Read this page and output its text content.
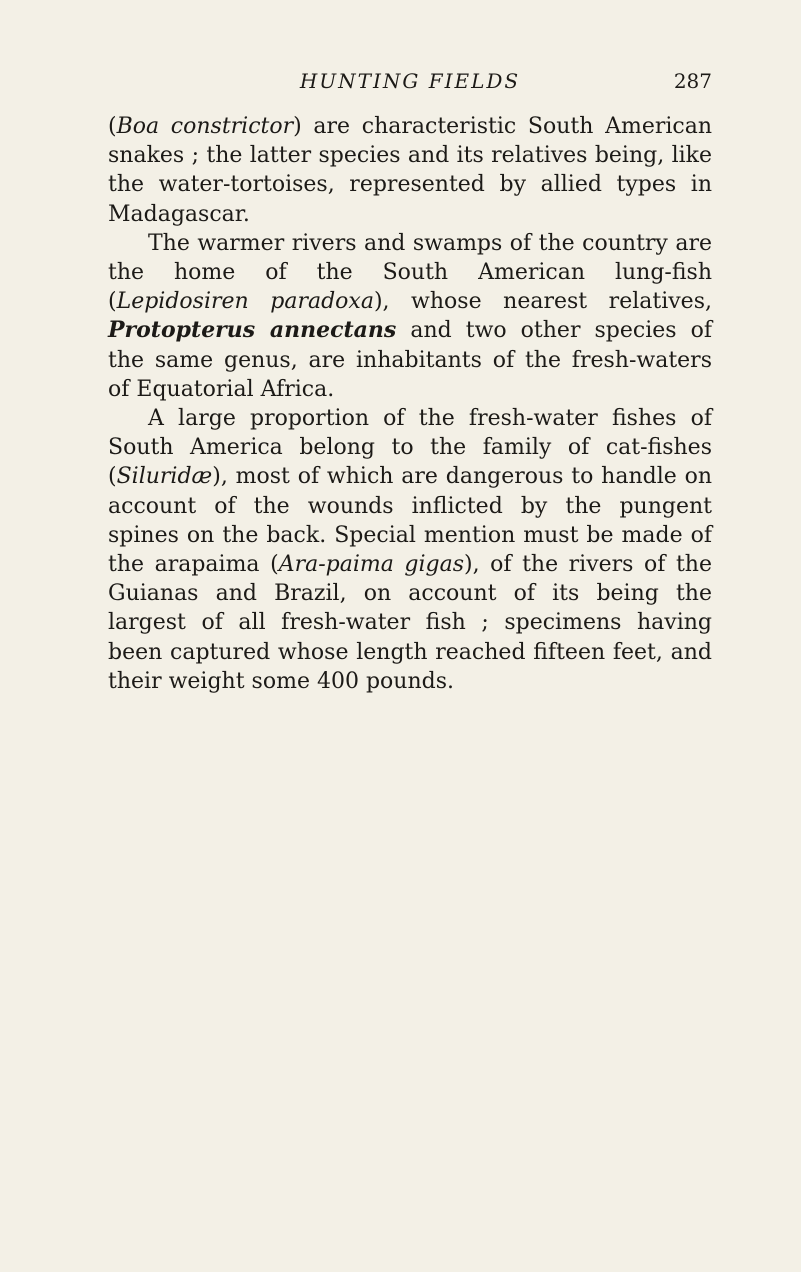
HUNTING FIELDS	287

(Boa constrictor) are characteristic South American snakes ; the latter species and its relatives being, like the water-tortoises, represented by allied types in Madagascar.

The warmer rivers and swamps of the country are the home of the South American lung-fish (Lepidosiren paradoxa), whose nearest relatives, Protopterus annectans and two other species of the same genus, are inhabitants of the fresh-waters of Equatorial Africa.

A large proportion of the fresh-water fishes of South America belong to the family of cat-fishes (Siluridæ), most of which are dangerous to handle on account of the wounds inflicted by the pungent spines on the back. Special mention must be made of the arapaima (Ara-paima gigas), of the rivers of the Guianas and Brazil, on account of its being the largest of all fresh-water fish ; specimens having been captured whose length reached fifteen feet, and their weight some 400 pounds.
